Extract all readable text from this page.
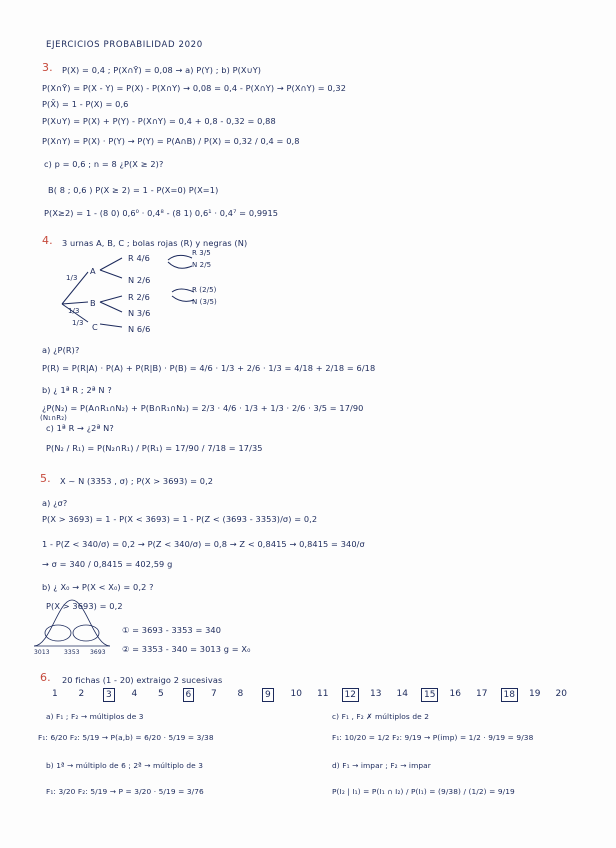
EJERCICIOS PROBABILIDAD 2020
3. P(X) = 0,4 ; P(X∩Ȳ) = 0,08 → a) P(Y) ; b) P(X∪Y)
P(X∩Ȳ) = P(X - Y) = P(X) - P(X∩Y) → 0,08 = 0,4 - P(X∩Y) → P(X∩Y) = 0,32
P(X̄) = 1 - P(X) = 0,6
P(X∪Y) = P(X) + P(Y) - P(X∩Y) = 0,4 + 0,8 - 0,32 = 0,88
P(X∩Y) = P(X) · P(Y) → P(Y) = P(A∩B) / P(X) = 0,32 / 0,4 = 0,8
c) p = 0,6 ; n = 8 ¿P(X ≥ 2)?
B( 8 ; 0,6 ) P(X ≥ 2) = 1 - P(X=0) P(X=1)
P(X≥2) = 1 - (8 0) 0,6⁰ · 0,4⁸ - (8 1) 0,6¹ · 0,4⁷ = 0,9915
4. 3 urnas A, B, C ; bolas rojas (R) y negras (N)
1/3
1/3
1/3
A
B
C
R 4/6
N 2/6
R 2/6
N 3/6
N 6/6
R 3/5
N 2/5
R (2/5)
N (3/5)
a) ¿P(R)?
P(R) = P(R|A) · P(A) + P(R|B) · P(B) = 4/6 · 1/3 + 2/6 · 1/3 = 4/18 + 2/18 = 6/18
b) ¿ 1ª R ; 2ª N ?
¿P(N₂) = P(A∩R₁∩N₂) + P(B∩R₁∩N₂) = 2/3 · 4/6 · 1/3 + 1/3 · 2/6 · 3/5 = 17/90
(N₁∩R₂)
c) 1ª R → ¿2ª N?
P(N₂ / R₁) = P(N₂∩R₁) / P(R₁) = 17/90 / 7/18 = 17/35
5. X ~ N (3353 , σ) ; P(X > 3693) = 0,2
a) ¿σ?
P(X > 3693) = 1 - P(X < 3693) = 1 - P(Z < (3693 - 3353)/σ) = 0,2
1 - P(Z < 340/σ) = 0,2 → P(Z < 340/σ) = 0,8 → Z < 0,8415 → 0,8415 = 340/σ
→ σ = 340 / 0,8415 = 402,59 g
b) ¿ X₀ → P(X < X₀) = 0,2 ?
P(X > 3693) = 0,2
3013 3353 3693
① = 3693 - 3353 = 340
② = 3353 - 340 = 3013 g = X₀
6. 20 fichas (1 - 20) extraigo 2 sucesivas
1 2	3	4 5	6	7 8	9	10 11	12	13 14	15	16 17	18	19 20
a) F₁ ; F₂ → múltiplos de 3
F₁: 6/20 F₂: 5/19 → P(a,b) = 6/20 · 5/19 = 3/38
b) 1ª → múltiplo de 6 ; 2ª → múltiplo de 3
F₁: 3/20 F₂: 5/19 → P = 3/20 · 5/19 = 3/76
c) F₁ , F₂ ✗ múltiplos de 2
F₁: 10/20 = 1/2 F₂: 9/19 → P(imp) = 1/2 · 9/19 = 9/38
d) F₁ → impar ; F₂ → impar
P(I₂ | I₁) = P(I₁ ∩ I₂) / P(I₁) = (9/38) / (1/2) = 9/19
